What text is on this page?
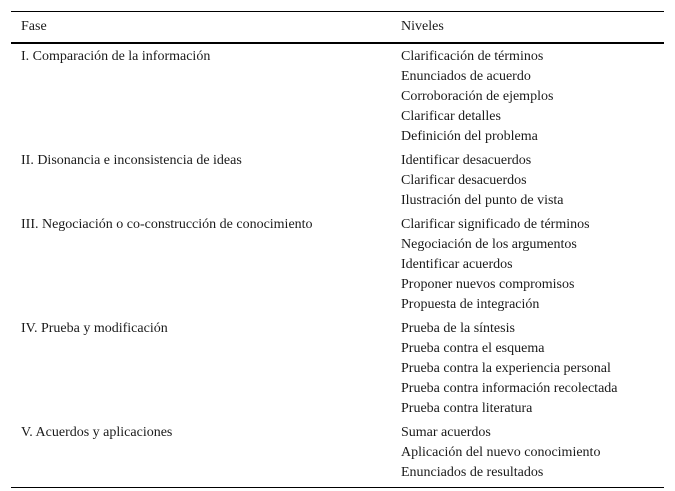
Fase	Niveles

I. Comparación de la información	Clarificación de términos
Enunciados de acuerdo
Corroboración de ejemplos
Clarificar detalles
Definición del problema

II. Disonancia e inconsistencia de ideas	Identificar desacuerdos
Clarificar desacuerdos
Ilustración del punto de vista

III. Negociación o co-construcción de conocimiento	Clarificar significado de términos
Negociación de los argumentos
Identificar acuerdos
Proponer nuevos compromisos
Propuesta de integración

IV. Prueba y modificación	Prueba de la síntesis
Prueba contra el esquema
Prueba contra la experiencia personal
Prueba contra información recolectada
Prueba contra literatura

V. Acuerdos y aplicaciones	Sumar acuerdos
Aplicación del nuevo conocimiento
Enunciados de resultados
